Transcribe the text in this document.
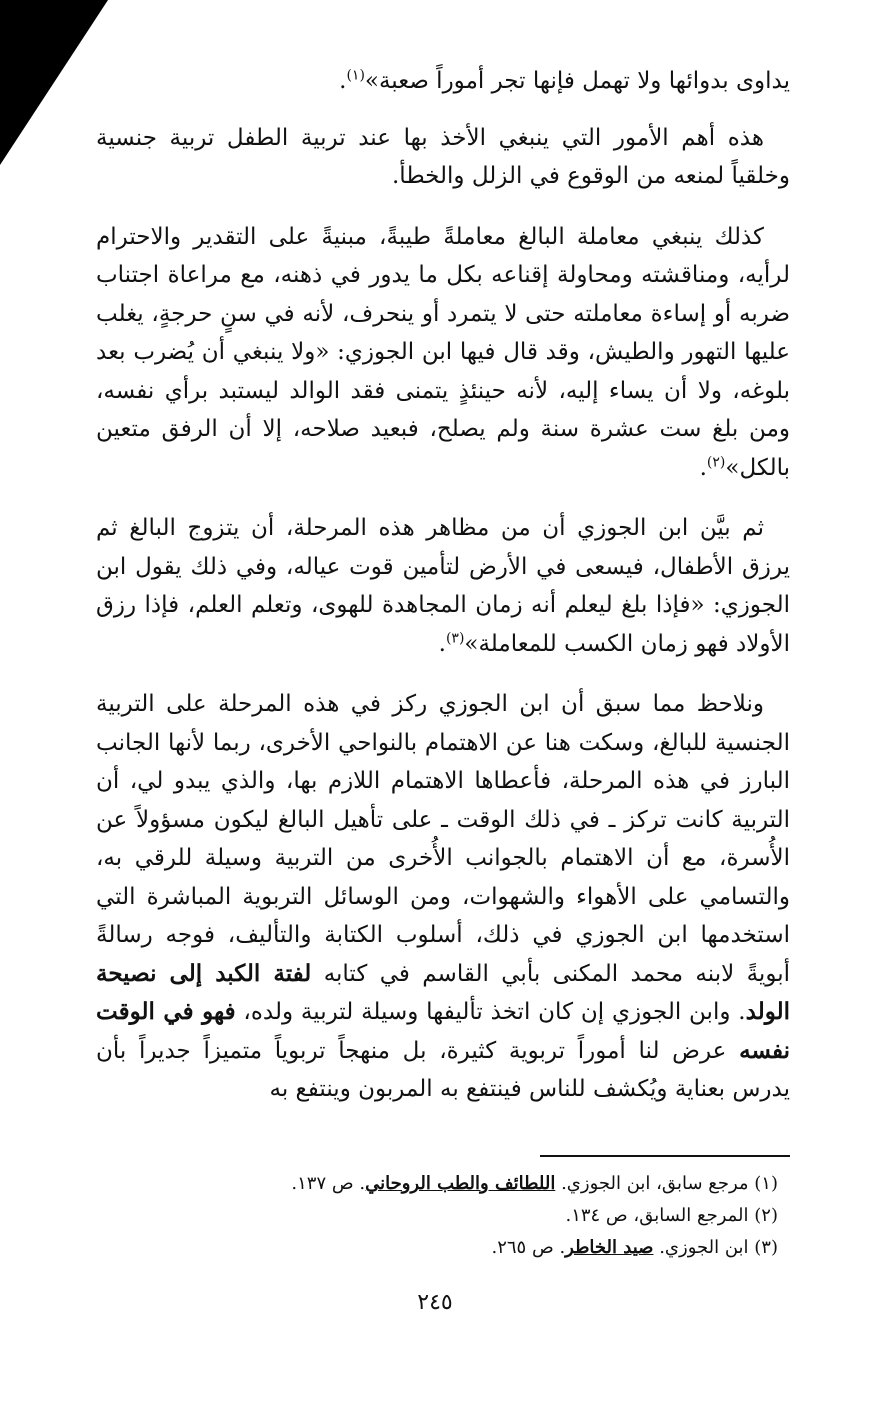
يداوى بدوائها ولا تهمل فإنها تجر أموراً صعبة»$^{(١)}$.

هذه أهم الأمور التي ينبغي الأخذ بها عند تربية الطفل تربية جنسية وخلقياً لمنعه من الوقوع في الزلل والخطأ.

كذلك ينبغي معاملة البالغ معاملةً طيبةً، مبنيةً على التقدير والاحترام لرأيه، ومناقشته ومحاولة إقناعه بكل ما يدور في ذهنه، مع مراعاة اجتناب ضربه أو إساءة معاملته حتى لا يتمرد أو ينحرف، لأنه في سنٍ حرجةٍ، يغلب عليها التهور والطيش، وقد قال فيها ابن الجوزي: «ولا ينبغي أن يُضرب بعد بلوغه، ولا أن يساء إليه، لأنه حينئذٍ يتمنى فقد الوالد ليستبد برأي نفسه، ومن بلغ ست عشرة سنة ولم يصلح، فبعيد صلاحه، إلا أن الرفق متعين بالكل»$^{(٢)}$.

ثم بيَّن ابن الجوزي أن من مظاهر هذه المرحلة، أن يتزوج البالغ ثم يرزق الأطفال، فيسعى في الأرض لتأمين قوت عياله، وفي ذلك يقول ابن الجوزي: «فإذا بلغ ليعلم أنه زمان المجاهدة للهوى، وتعلم العلم، فإذا رزق الأولاد فهو زمان الكسب للمعاملة»$^{(٣)}$.

ونلاحظ مما سبق أن ابن الجوزي ركز في هذه المرحلة على التربية الجنسية للبالغ، وسكت هنا عن الاهتمام بالنواحي الأخرى، ربما لأنها الجانب البارز في هذه المرحلة، فأعطاها الاهتمام اللازم بها، والذي يبدو لي، أن التربية كانت تركز ـ في ذلك الوقت ـ على تأهيل البالغ ليكون مسؤولاً عن الأُسرة، مع أن الاهتمام بالجوانب الأُخرى من التربية وسيلة للرقي به، والتسامي على الأهواء والشهوات، ومن الوسائل التربوية المباشرة التي استخدمها ابن الجوزي في ذلك، أسلوب الكتابة والتأليف، فوجه رسالةً أبويةً لابنه محمد المكنى بأبي القاسم في كتابه لفتة الكبد إلى نصيحة الولد. وابن الجوزي إن كان اتخذ تأليفها وسيلة لتربية ولده، فهو في الوقت نفسه عرض لنا أموراً تربوية كثيرة، بل منهجاً تربوياً متميزاً جديراً بأن يدرس بعناية ويُكشف للناس فينتفع به المربون وينتفع به

(١) مرجع سابق، ابن الجوزي. اللطائف والطب الروحاني. ص ١٣٧.
(٢) المرجع السابق، ص ١٣٤.
(٣) ابن الجوزي. صيد الخاطر. ص ٢٦٥.
٢٤٥
